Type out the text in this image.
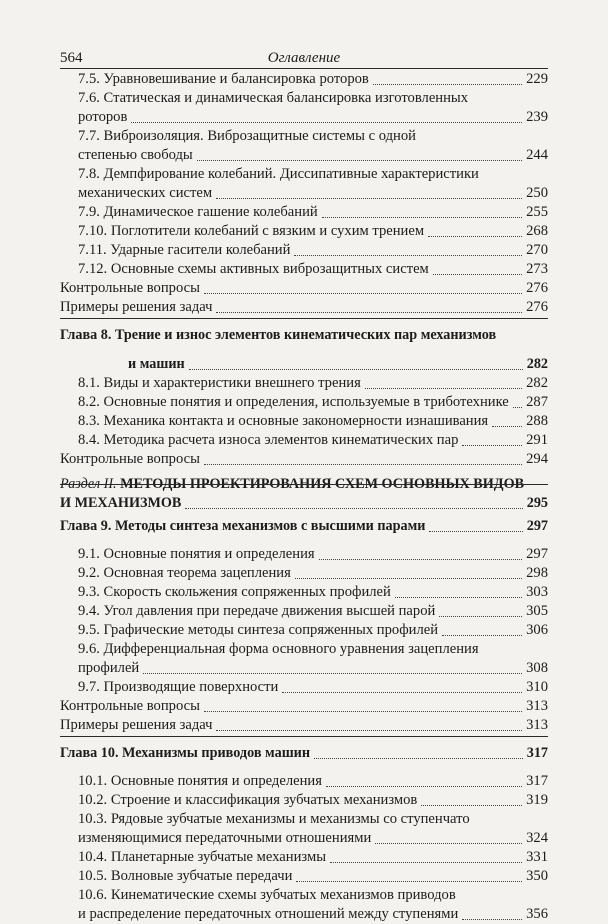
564	Оглавление
7.5. Уравновешивание и балансировка роторов	229
7.6. Статическая и динамическая балансировка изготовленных
роторов	239
7.7. Виброизоляция. Виброзащитные системы с одной
степенью свободы	244
7.8. Демпфирование колебаний. Диссипативные характеристики
механических систем	250
7.9. Динамическое гашение колебаний	255
7.10. Поглотители колебаний с вязким и сухим трением	268
7.11. Ударные гасители колебаний	270
7.12. Основные схемы активных виброзащитных систем	273
Контрольные вопросы	276
Примеры решения задач	276
Глава 8. Трение и износ элементов кинематических пар механизмов
и машин	282
8.1. Виды и характеристики внешнего трения	282
8.2. Основные понятия и определения, используемые в триботехнике 287
8.3. Механика контакта и основные закономерности изнашивания	288
8.4. Методика расчета износа элементов кинематических пар	291
Контрольные вопросы	294
Раздел II. МЕТОДЫ ПРОЕКТИРОВАНИЯ СХЕМ ОСНОВНЫХ ВИДОВ
И МЕХАНИЗМОВ	295
Глава 9. Методы синтеза механизмов с высшими парами	297
9.1. Основные понятия и определения	297
9.2. Основная теорема зацепления	298
9.3. Скорость скольжения сопряженных профилей	303
9.4. Угол давления при передаче движения высшей парой	305
9.5. Графические методы синтеза сопряженных профилей	306
9.6. Дифференциальная форма основного уравнения зацепления
профилей	308
9.7. Производящие поверхности	310
Контрольные вопросы	313
Примеры решения задач	313
Глава 10. Механизмы приводов машин	317
10.1. Основные понятия и определения	317
10.2. Строение и классификация зубчатых механизмов	319
10.3. Рядовые зубчатые механизмы и механизмы со ступенчато
изменяющимися передаточными отношениями	324
10.4. Планетарные зубчатые механизмы	331
10.5. Волновые зубчатые передачи	350
10.6. Кинематические схемы зубчатых механизмов приводов
и распределение передаточных отношений между ступенями	356
